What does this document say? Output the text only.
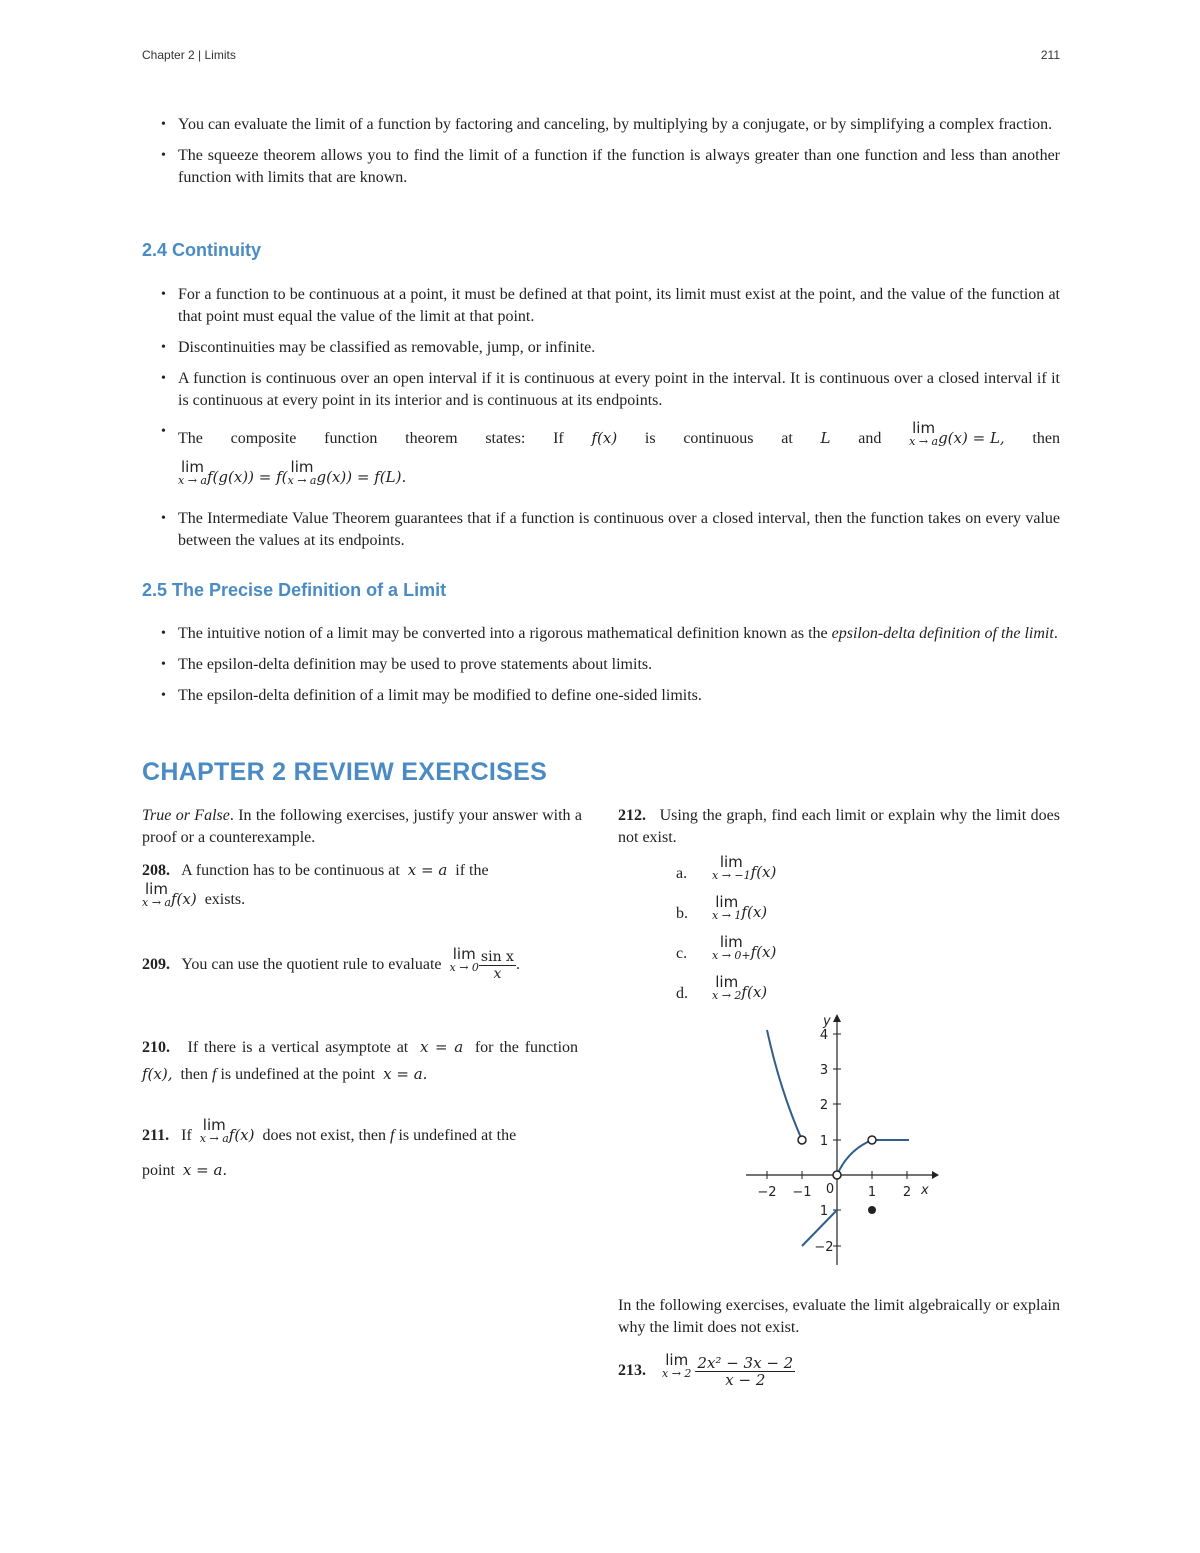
Chapter 2 | Limits	211
• You can evaluate the limit of a function by factoring and canceling, by multiplying by a conjugate, or by simplifying a complex fraction.
• The squeeze theorem allows you to find the limit of a function if the function is always greater than one function and less than another function with limits that are known.
2.4 Continuity
• For a function to be continuous at a point, it must be defined at that point, its limit must exist at the point, and the value of the function at that point must equal the value of the limit at that point.
• Discontinuities may be classified as removable, jump, or infinite.
• A function is continuous over an open interval if it is continuous at every point in the interval. It is continuous over a closed interval if it is continuous at every point in its interior and is continuous at its endpoints.
• The composite function theorem states: If f(x) is continuous at L and
lim
x → a g(x) = L, then
lim
x → a f(g(x)) = f(
lim
x → a g(x)) = f(L).
• The Intermediate Value Theorem guarantees that if a function is continuous over a closed interval, then the function takes on every value between the values at its endpoints.
2.5 The Precise Definition of a Limit
• The intuitive notion of a limit may be converted into a rigorous mathematical definition known as the epsilon-delta definition of the limit.
• The epsilon-delta definition may be used to prove statements about limits.
• The epsilon-delta definition of a limit may be modified to define one-sided limits.
CHAPTER 2 REVIEW EXERCISES

True or False. In the following exercises, justify your answer with a proof or a counterexample.

208. A function has to be continuous at x = a if the

lim
x → a f(x) exists.

209. You can use the quotient rule to evaluate
lim
$x \to 0 \frac{\text{sin x}}{x}$ .

210. If there is a vertical asymptote at x = a for the function  f(x), then f is undefined at the point x = a.

211. If
lim
x → a f(x) does not exist, then f is undefined at the
point x = a.

212. Using the graph, find each limit or explain why the limit does not exist.

a.
lim
x → −1 f(x)
b.
lim
x → 1 f(x)
c.
lim
x → 0+ f(x)
d.
lim
x → 2 f(x)
−2 −1 0	1 2 x
y
4
3
2
1
1
−2

In the following exercises, evaluate the limit algebraically or explain why the limit does not exist.

213.
lim
x → 2
$\frac{\text{2x² − 3x − 2}}{x - 2}$
